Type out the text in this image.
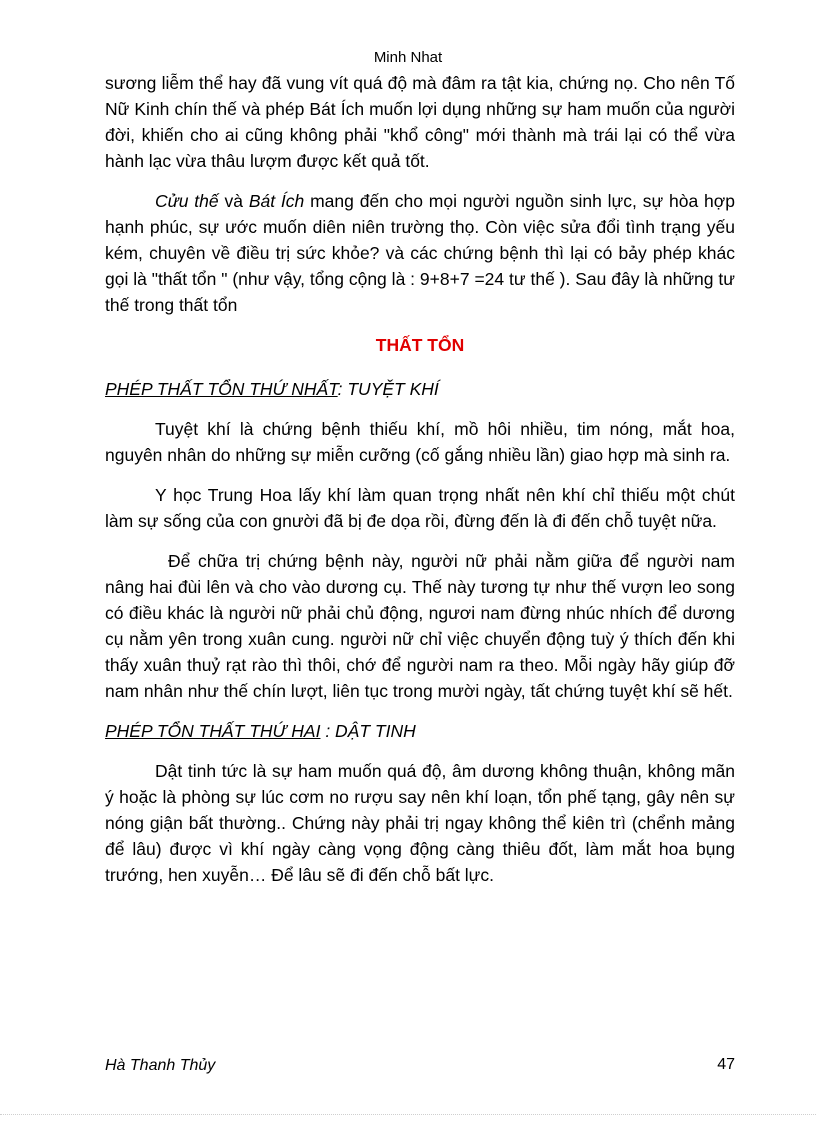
Minh Nhat

sương liễm thể hay đã vung vít quá độ mà đâm ra tật kia, chứng nọ. Cho nên Tố Nữ Kinh chín thế và phép Bát Ích muốn lợi dụng những sự ham muốn của người đời, khiến cho ai cũng không phải "khổ công" mới thành mà trái lại có thể vừa hành lạc vừa thâu lượm được kết quả tốt.

Cửu thế và Bát Ích mang đến cho mọi người nguồn sinh lực, sự hòa hợp hạnh phúc, sự ước muốn diên niên trường thọ. Còn việc sửa đổi tình trạng yếu kém, chuyên về điều trị sức khỏe? và các chứng bệnh thì lại có bảy phép khác gọi là "thất tổn " (như vậy, tổng cộng là : 9+8+7 =24 tư thế ). Sau đây là những tư thế trong thất tổn

THẤT TỔN
PHÉP THẤT TỔN THỨ NHẤT: TUYỆT KHÍ

Tuyệt khí là chứng bệnh thiếu khí, mồ hôi nhiều, tim nóng, mắt hoa, nguyên nhân do những sự miễn cưỡng (cố gắng nhiều lần) giao hợp mà sinh ra.

Y học Trung Hoa lấy khí làm quan trọng nhất nên khí chỉ thiếu một chút làm sự sống của con gnười đã bị đe dọa rồi, đừng đến là đi đến chỗ tuyệt nữa.

Để chữa trị chứng bệnh này, người nữ phải nằm giữa để người nam nâng hai đùi lên và cho vào dương cụ. Thế này tương tự như thế vượn leo song có điều khác là người nữ phải chủ động, ngươi nam đừng nhúc nhích để dương cụ nằm yên trong xuân cung. người nữ chỉ việc chuyển động tuỳ ý thích đến khi thấy xuân thuỷ rạt rào thì thôi, chớ để người nam ra theo. Mỗi ngày hãy giúp đỡ nam nhân như thế chín lượt, liên tục trong mười ngày, tất chứng tuyệt khí sẽ hết.

PHÉP TỔN THẤT THỨ HAI : DẬT TINH

Dật tinh tức là sự ham muốn quá độ, âm dương không thuận, không mãn ý hoặc là phòng sự lúc cơm no rượu say nên khí loạn, tổn phế tạng, gây nên sự nóng giận bất thường.. Chứng này phải trị ngay không thể kiên trì (chểnh mảng để lâu) được vì khí ngày càng vọng động càng thiêu đốt, làm mắt hoa bụng trướng, hen xuyễn… Để lâu sẽ đi đến chỗ bất lực.

Hà Thanh Thủy	47
